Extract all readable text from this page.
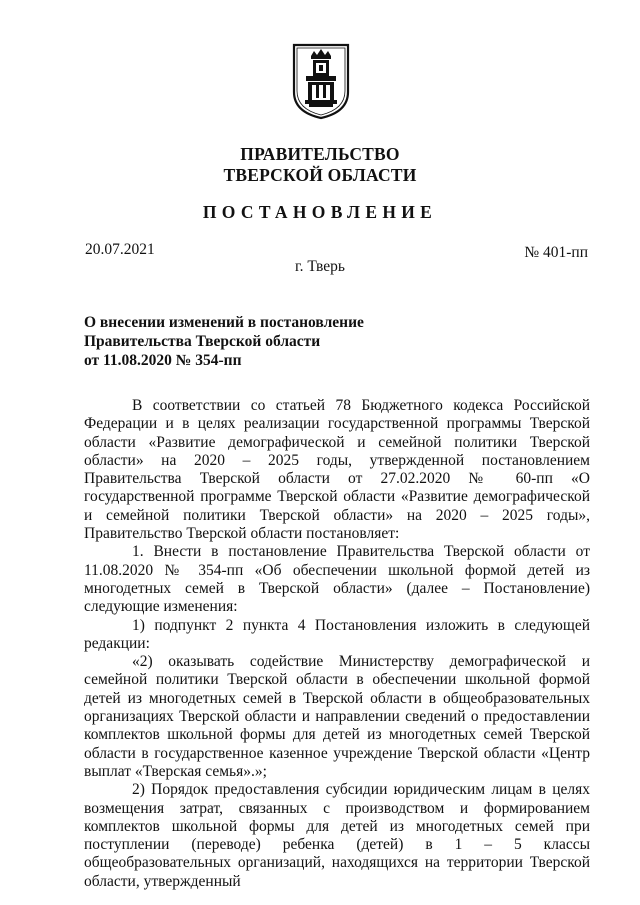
ПРАВИТЕЛЬСТВО
ТВЕРСКОЙ ОБЛАСТИ
ПОСТАНОВЛЕНИЕ
20.07.2021	№ 401-пп
г. Тверь
О внесении изменений в постановление
Правительства Тверской области
от 11.08.2020 № 354-пп

В соответствии со статьей 78 Бюджетного кодекса Российской Федерации и в целях реализации государственной программы Тверской области «Развитие демографической и семейной политики Тверской области» на 2020 – 2025 годы, утвержденной постановлением Правительства Тверской области от 27.02.2020 № 60-пп «О государственной программе Тверской области «Развитие демографической и семейной политики Тверской области» на 2020 – 2025 годы», Правительство Тверской области постановляет:

1. Внести в постановление Правительства Тверской области от 11.08.2020 № 354-пп «Об обеспечении школьной формой детей из многодетных семей в Тверской области» (далее – Постановление) следующие изменения:

1) подпункт 2 пункта 4 Постановления изложить в следующей редакции:

«2) оказывать содействие Министерству демографической и семейной политики Тверской области в обеспечении школьной формой детей из многодетных семей в Тверской области в общеобразовательных организациях Тверской области и направлении сведений о предоставлении комплектов школьной формы для детей из многодетных семей Тверской области в государственное казенное учреждение Тверской области «Центр выплат «Тверская семья».»;

2) Порядок предоставления субсидии юридическим лицам в целях возмещения затрат, связанных с производством и формированием комплектов школьной формы для детей из многодетных семей при поступлении (переводе) ребенка (детей) в 1 – 5 классы общеобразовательных организаций, находящихся на территории Тверской области, утвержденный
